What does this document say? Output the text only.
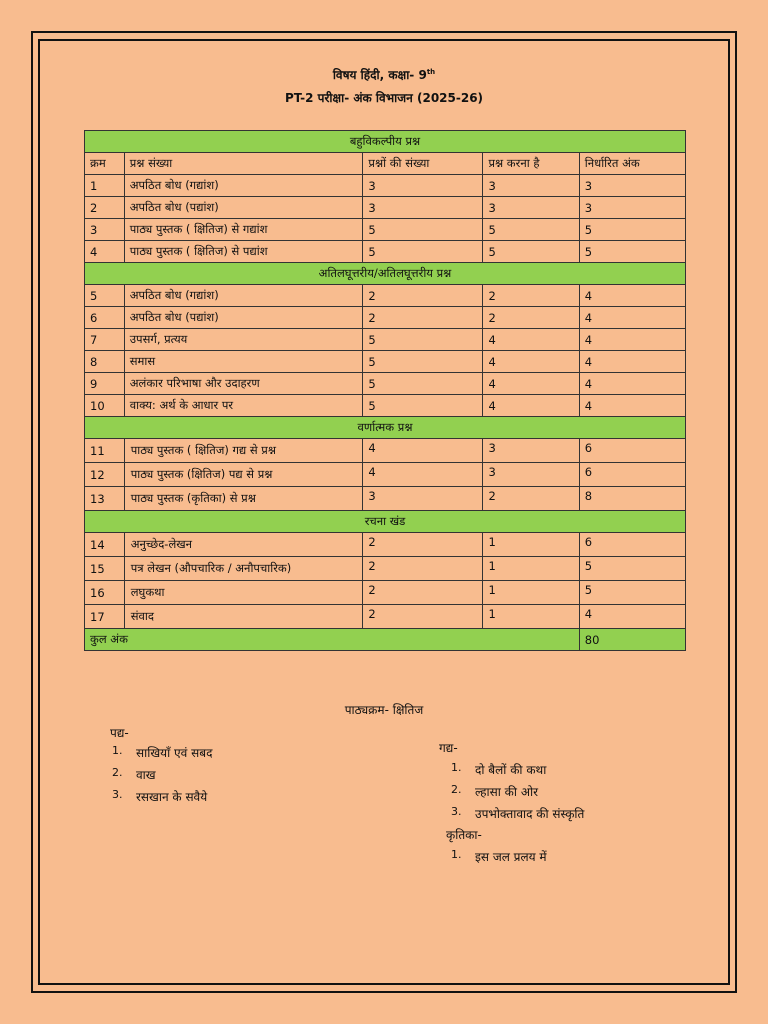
विषय हिंदी, कक्षा- 9th
PT-2 परीक्षा- अंक विभाजन (2025-26)
बहुविकल्पीय प्रश्न				
क्रम	प्रश्न संख्या	प्रश्नों की संख्या	प्रश्न करना है	निर्धारित अंक
1	अपठित बोध (गद्यांश)	3	3	3
2	अपठित बोध (पद्यांश)	3	3	3
3	पाठ्य पुस्तक ( क्षितिज) से गद्यांश	5	5	5
4	पाठ्य पुस्तक ( क्षितिज) से पद्यांश	5	5	5
अतिलघूत्तरीय/अतिलघूत्तरीय प्रश्न				
5	अपठित बोध (गद्यांश)	2	2	4
6	अपठित बोध (पद्यांश)	2	2	4
7	उपसर्ग, प्रत्यय	5	4	4
8	समास	5	4	4
9	अलंकार परिभाषा और उदाहरण	5	4	4
10	वाक्य: अर्थ के आधार पर	5	4	4
वर्णात्मक प्रश्न				
11	पाठ्य पुस्तक ( क्षितिज) गद्य से प्रश्न	4	3	6
12	पाठ्य पुस्तक (क्षितिज) पद्य से प्रश्न	4	3	6
13	पाठ्य पुस्तक (कृतिका) से प्रश्न	3	2	8
रचना खंड				
14	अनुच्छेद-लेखन	2	1	6
15	पत्र लेखन (औपचारिक / अनौपचारिक)	2	1	5
16	लघुकथा	2	1	5
17	संवाद	2	1	4
कुल अंक				80
पाठ्यक्रम- क्षितिज
पद्य-
1.	साखियाँ एवं सबद
2.	वाख
3.	रसखान के सवैये
गद्य-
1.	दो बैलों की कथा
2.	ल्हासा की ओर
3.	उपभोक्तावाद की संस्कृति
कृतिका-
1.	इस जल प्रलय में
